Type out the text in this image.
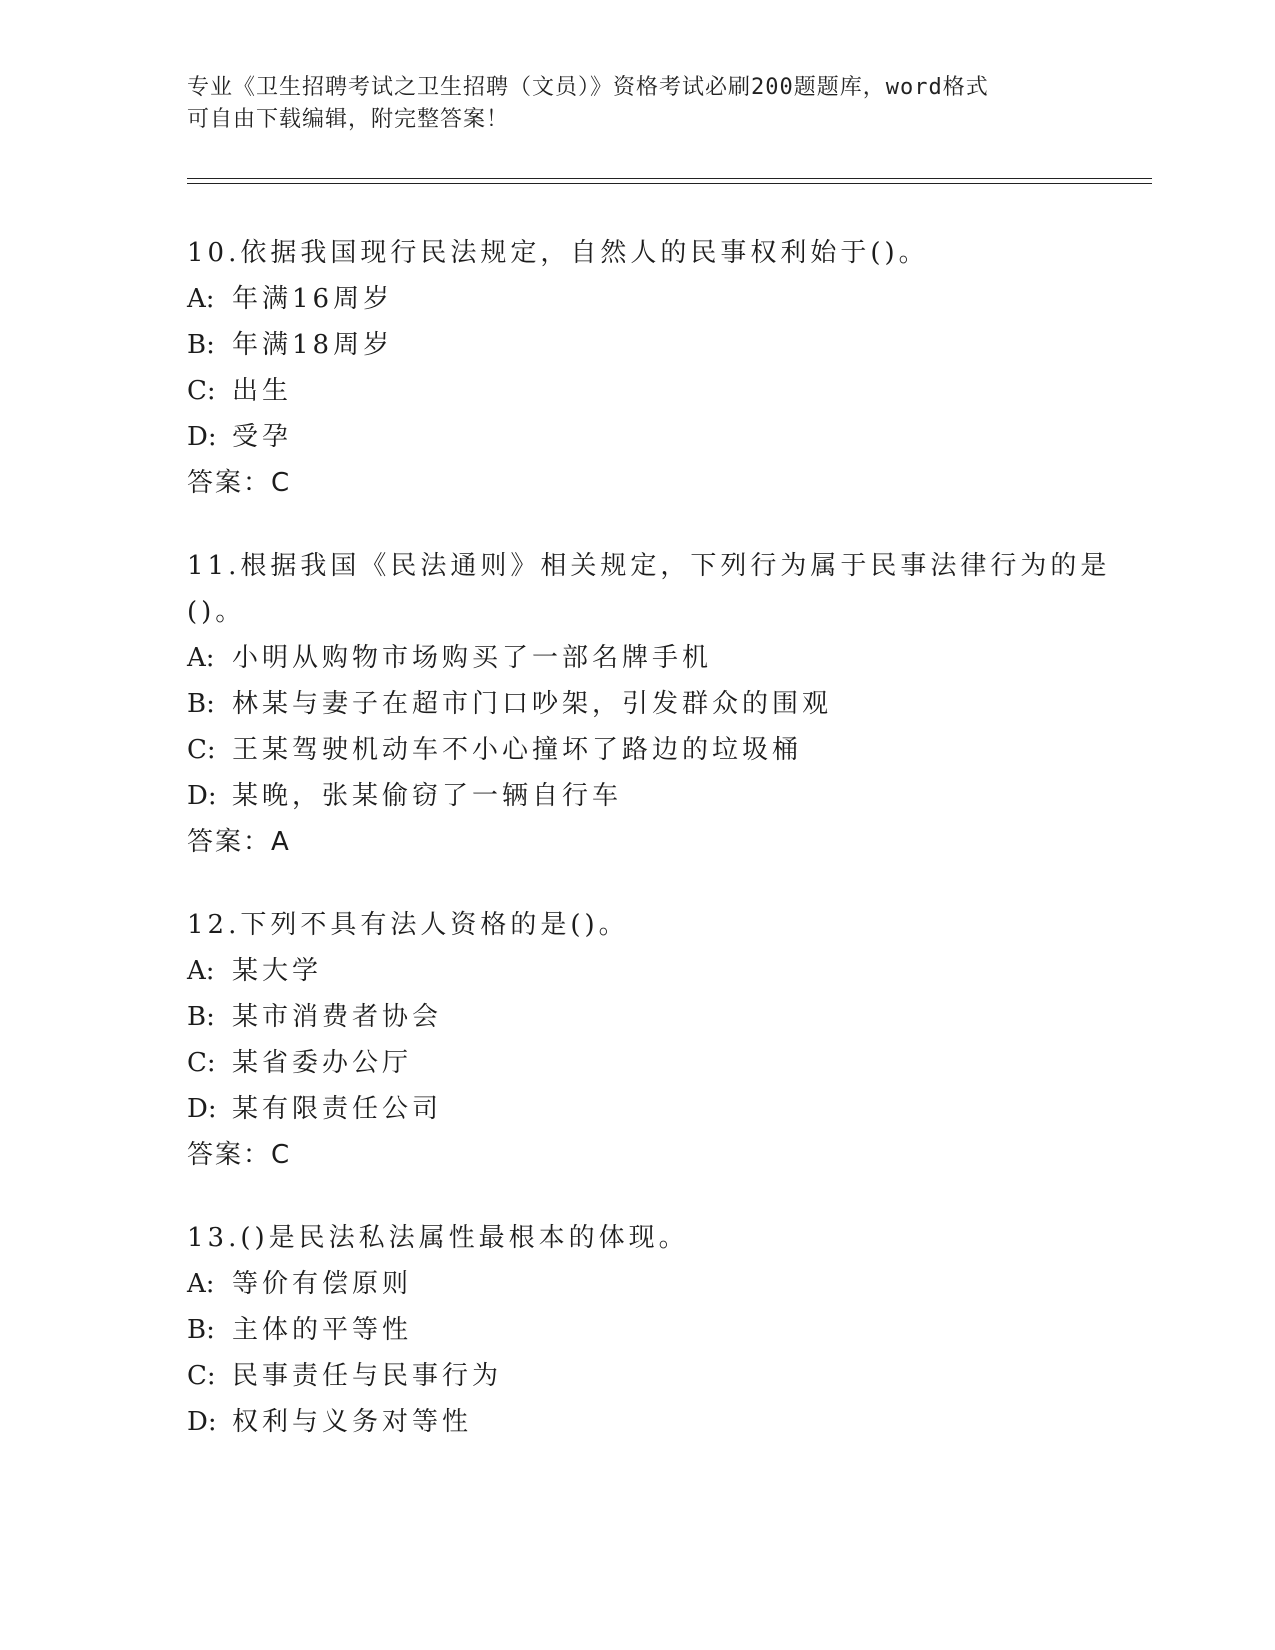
专业《卫生招聘考试之卫生招聘（文员）》资格考试必刷200题题库，word格式
可自由下载编辑，附完整答案！
10.依据我国现行民法规定，自然人的民事权利始于()。
A: 年满16周岁
B: 年满18周岁
C: 出生
D: 受孕
答案：C
11.根据我国《民法通则》相关规定，下列行为属于民事法律行为的是
()。
A: 小明从购物市场购买了一部名牌手机
B: 林某与妻子在超市门口吵架，引发群众的围观
C: 王某驾驶机动车不小心撞坏了路边的垃圾桶
D: 某晚，张某偷窃了一辆自行车
答案：A
12.下列不具有法人资格的是()。
A: 某大学
B: 某市消费者协会
C: 某省委办公厅
D: 某有限责任公司
答案：C
13.()是民法私法属性最根本的体现。
A: 等价有偿原则
B: 主体的平等性
C: 民事责任与民事行为
D: 权利与义务对等性
